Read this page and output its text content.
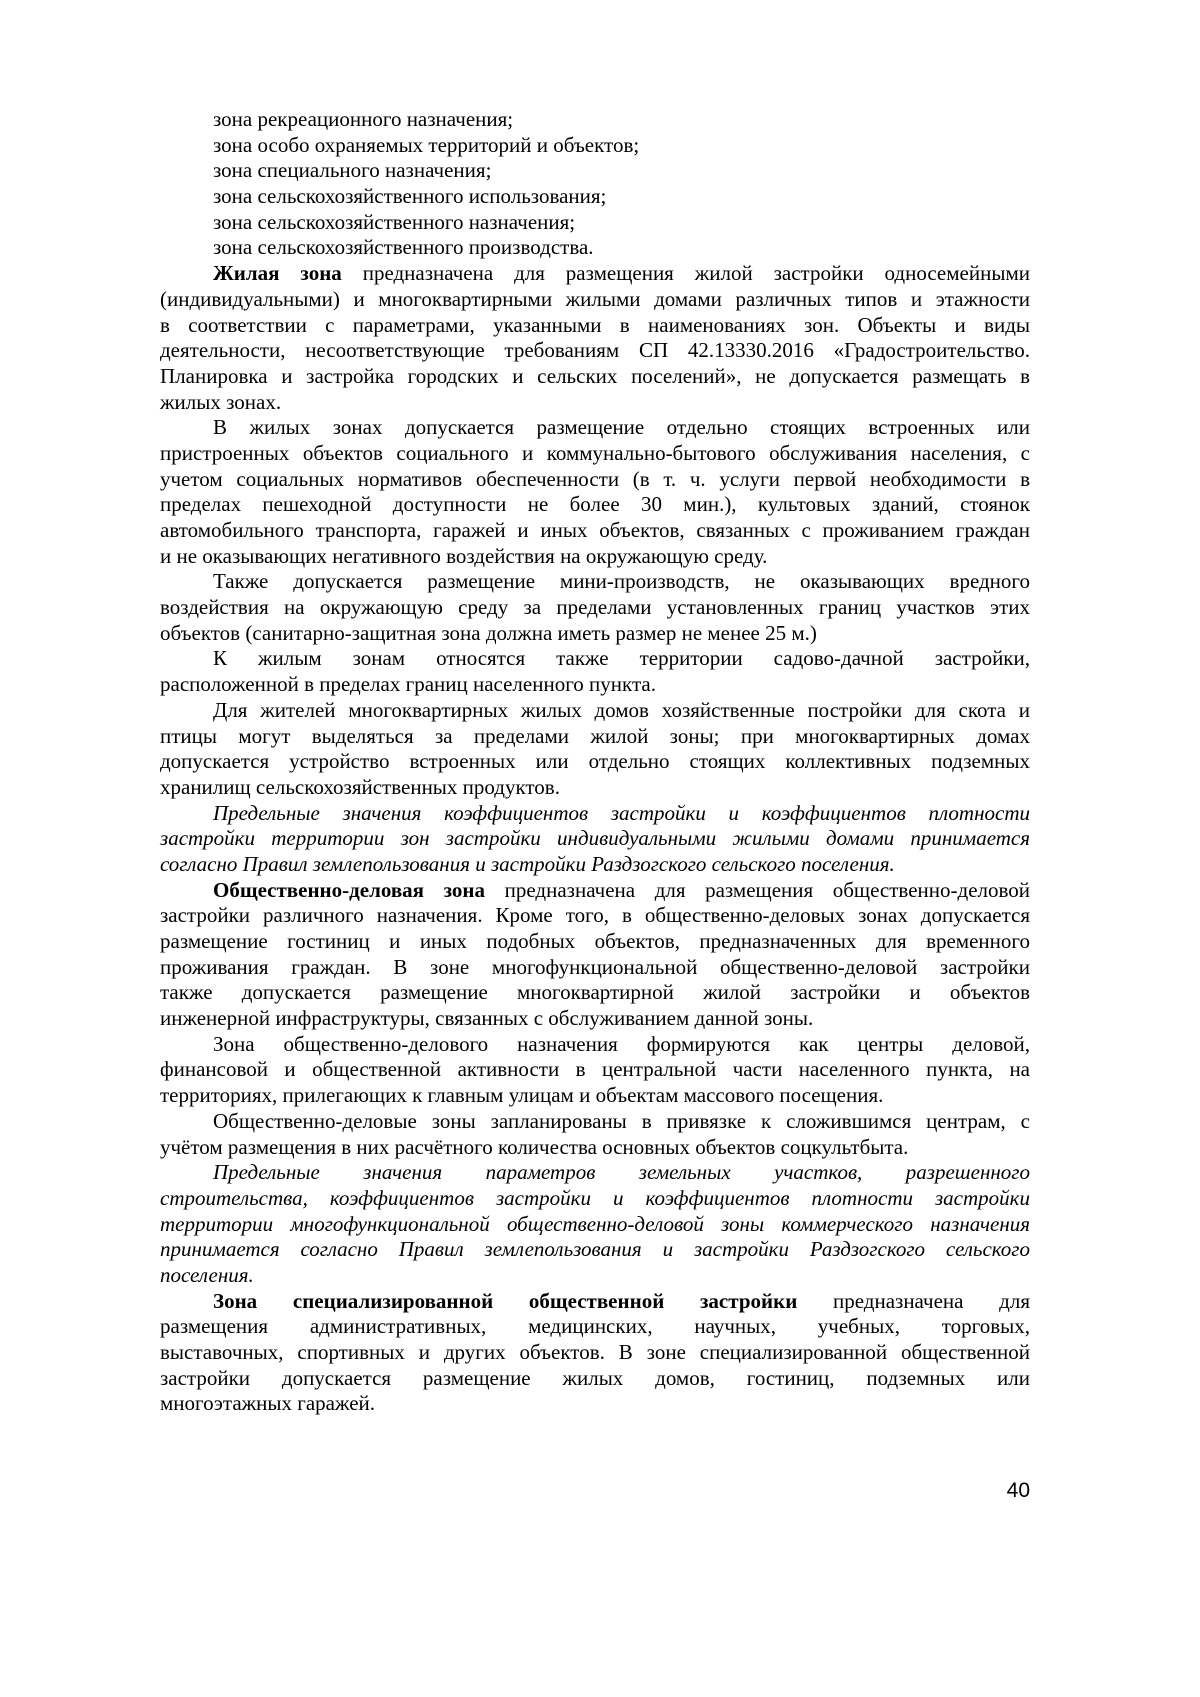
зона рекреационного назначения;
зона особо охраняемых территорий и объектов;
зона специального назначения;
зона сельскохозяйственного использования;
зона сельскохозяйственного назначения;
зона сельскохозяйственного производства.
Жилая зона предназначена для размещения жилой застройки односемейными
(индивидуальными) и многоквартирными жилыми домами различных типов и этажности
в соответствии с параметрами, указанными в наименованиях зон. Объекты и виды
деятельности, несоответствующие требованиям СП 42.13330.2016 «Градостроительство.
Планировка и застройка городских и сельских поселений», не допускается размещать в
жилых зонах.
В жилых зонах допускается размещение отдельно стоящих встроенных или
пристроенных объектов социального и коммунально-бытового обслуживания населения, с
учетом социальных нормативов обеспеченности (в т. ч. услуги первой необходимости в
пределах пешеходной доступности не более 30 мин.), культовых зданий, стоянок
автомобильного транспорта, гаражей и иных объектов, связанных с проживанием граждан
и не оказывающих негативного воздействия на окружающую среду.
Также допускается размещение мини-производств, не оказывающих вредного
воздействия на окружающую среду за пределами установленных границ участков этих
объектов (санитарно-защитная зона должна иметь размер не менее 25 м.)
К жилым зонам относятся также территории садово-дачной застройки,
расположенной в пределах границ населенного пункта.
Для жителей многоквартирных жилых домов хозяйственные постройки для скота и
птицы могут выделяться за пределами жилой зоны; при многоквартирных домах
допускается устройство встроенных или отдельно стоящих коллективных подземных
хранилищ сельскохозяйственных продуктов.
Предельные значения коэффициентов застройки и коэффициентов плотности
застройки территории зон застройки индивидуальными жилыми домами принимается
согласно Правил землепользования и застройки Раздзогского сельского поселения.
Общественно-деловая зона предназначена для размещения общественно-деловой
застройки различного назначения. Кроме того, в общественно-деловых зонах допускается
размещение гостиниц и иных подобных объектов, предназначенных для временного
проживания граждан. В зоне многофункциональной общественно-деловой застройки
также допускается размещение многоквартирной жилой застройки и объектов
инженерной инфраструктуры, связанных с обслуживанием данной зоны.
Зона общественно-делового назначения формируются как центры деловой,
финансовой и общественной активности в центральной части населенного пункта, на
территориях, прилегающих к главным улицам и объектам массового посещения.
Общественно-деловые зоны запланированы в привязке к сложившимся центрам, с
учётом размещения в них расчётного количества основных объектов соцкультбыта.
Предельные значения параметров земельных участков, разрешенного
строительства, коэффициентов застройки и коэффициентов плотности застройки
территории многофункциональной общественно-деловой зоны коммерческого назначения
принимается согласно Правил землепользования и застройки Раздзогского сельского
поселения.
Зона специализированной общественной застройки предназначена для
размещения административных, медицинских, научных, учебных, торговых,
выставочных, спортивных и других объектов. В зоне специализированной общественной
застройки допускается размещение жилых домов, гостиниц, подземных или
многоэтажных гаражей.
40
